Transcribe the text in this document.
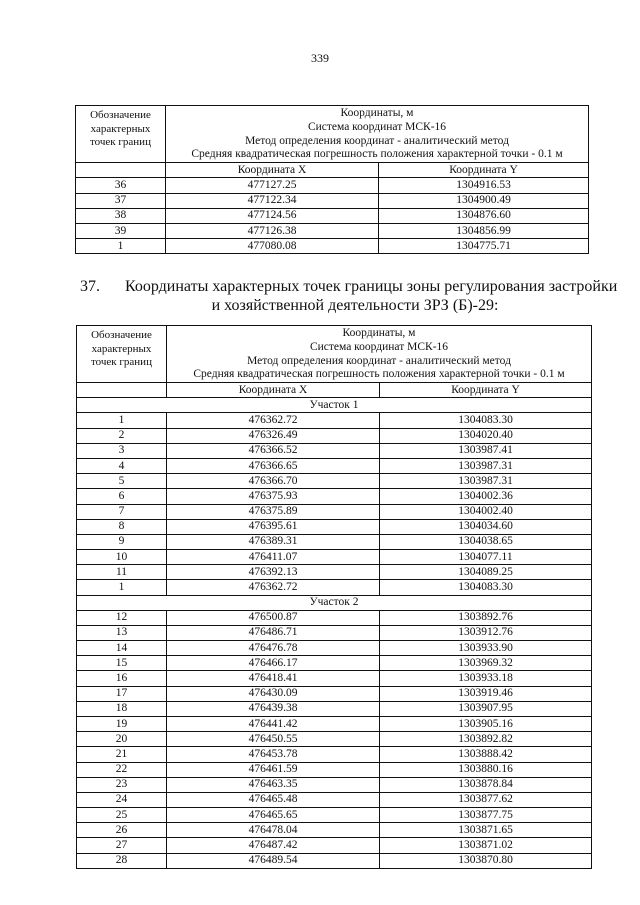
339
Обозначение
характерных
точек границ

Координаты, м
Система координат МСК-16
Метод определения координат - аналитический метод
Средняя квадратическая погрешность положения характерной точки - 0.1 м

	Координата X	Координата Y
36	477127.25	1304916.53
37	477122.34	1304900.49
38	477124.56	1304876.60
39	477126.38	1304856.99
1	477080.08	1304775.71
37. Координаты характерных точек границы зоны регулирования застройки
и хозяйственной деятельности ЗРЗ (Б)-29:
Обозначение
характерных
точек границ

Координаты, м
Система координат МСК-16
Метод определения координат - аналитический метод
Средняя квадратическая погрешность положения характерной точки - 0.1 м

	Координата X	Координата Y
Участок 1		
1	476362.72	1304083.30
2	476326.49	1304020.40
3	476366.52	1303987.41
4	476366.65	1303987.31
5	476366.70	1303987.31
6	476375.93	1304002.36
7	476375.89	1304002.40
8	476395.61	1304034.60
9	476389.31	1304038.65
10	476411.07	1304077.11
11	476392.13	1304089.25
1	476362.72	1304083.30
Участок 2		
12	476500.87	1303892.76
13	476486.71	1303912.76
14	476476.78	1303933.90
15	476466.17	1303969.32
16	476418.41	1303933.18
17	476430.09	1303919.46
18	476439.38	1303907.95
19	476441.42	1303905.16
20	476450.55	1303892.82
21	476453.78	1303888.42
22	476461.59	1303880.16
23	476463.35	1303878.84
24	476465.48	1303877.62
25	476465.65	1303877.75
26	476478.04	1303871.65
27	476487.42	1303871.02
28	476489.54	1303870.80
